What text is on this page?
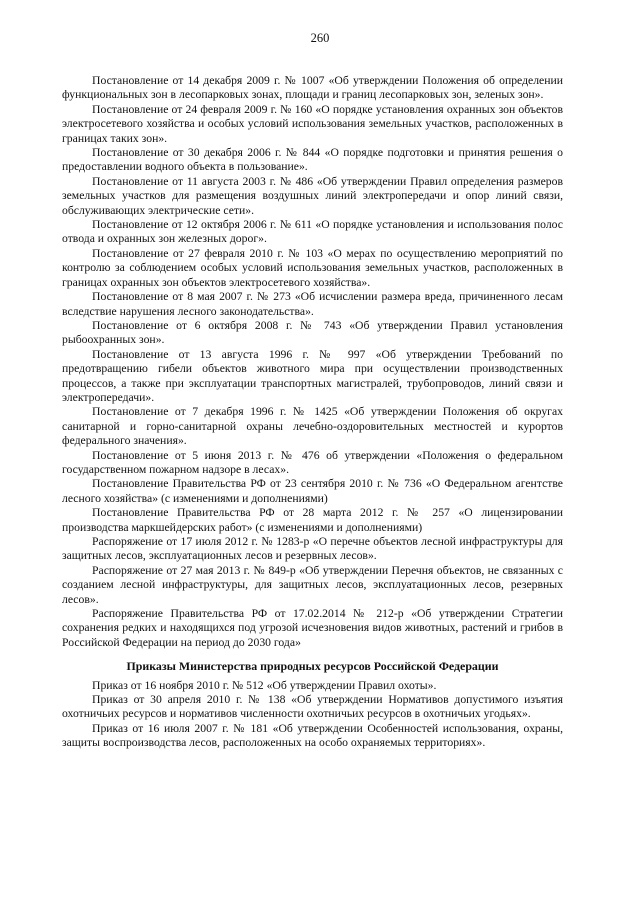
260

Постановление от 14 декабря 2009 г. № 1007 «Об утверждении Положения об определении функциональных зон в лесопарковых зонах, площади и границ лесопарковых зон, зеленых зон».

Постановление от 24 февраля 2009 г. № 160 «О порядке установления охранных зон объектов электросетевого хозяйства и особых условий использования земельных участков, расположенных в границах таких зон».

Постановление от 30 декабря 2006 г. № 844 «О порядке подготовки и принятия решения о предоставлении водного объекта в пользование».

Постановление от 11 августа 2003 г. № 486 «Об утверждении Правил определения размеров земельных участков для размещения воздушных линий электропередачи и опор линий связи, обслуживающих электрические сети».

Постановление от 12 октября 2006 г. № 611 «О порядке установления и использования полос отвода и охранных зон железных дорог».

Постановление от 27 февраля 2010 г. № 103 «О мерах по осуществлению мероприятий по контролю за соблюдением особых условий использования земельных участков, расположенных в границах охранных зон объектов электросетевого хозяйства».

Постановление от 8 мая 2007 г. № 273 «Об исчислении размера вреда, причиненного лесам вследствие нарушения лесного законодательства».

Постановление от 6 октября 2008 г. № 743 «Об утверждении Правил установления рыбоохранных зон».

Постановление от 13 августа 1996 г. № 997 «Об утверждении Требований по предотвращению гибели объектов животного мира при осуществлении производственных процессов, а также при эксплуатации транспортных магистралей, трубопроводов, линий связи и электропередачи».

Постановление от 7 декабря 1996 г. № 1425 «Об утверждении Положения об округах санитарной и горно-санитарной охраны лечебно-оздоровительных местностей и курортов федерального значения».

Постановление от 5 июня 2013 г. № 476 об утверждении «Положения о федеральном государственном пожарном надзоре в лесах».

Постановление Правительства РФ от 23 сентября 2010 г. № 736 «О Федеральном агентстве лесного хозяйства» (с изменениями и дополнениями)

Постановление Правительства РФ от 28 марта 2012 г. № 257 «О лицензировании производства маркшейдерских работ» (с изменениями и дополнениями)

Распоряжение от 17 июля 2012 г. № 1283-р «О перечне объектов лесной инфраструктуры для защитных лесов, эксплуатационных лесов и резервных лесов».

Распоряжение от 27 мая 2013 г. № 849-р «Об утверждении Перечня объектов, не связанных с созданием лесной инфраструктуры, для защитных лесов, эксплуатационных лесов, резервных лесов».

Распоряжение Правительства РФ от 17.02.2014 № 212-р «Об утверждении Стратегии сохранения редких и находящихся под угрозой исчезновения видов животных, растений и грибов в Российской Федерации на период до 2030 года»

Приказы Министерства природных ресурсов Российской Федерации

Приказ от 16 ноября 2010 г. № 512 «Об утверждении Правил охоты».

Приказ от 30 апреля 2010 г. № 138 «Об утверждении Нормативов допустимого изъятия охотничьих ресурсов и нормативов численности охотничьих ресурсов в охотничьих угодьях».

Приказ от 16 июля 2007 г. № 181 «Об утверждении Особенностей использования, охраны, защиты воспроизводства лесов, расположенных на особо охраняемых территориях».
